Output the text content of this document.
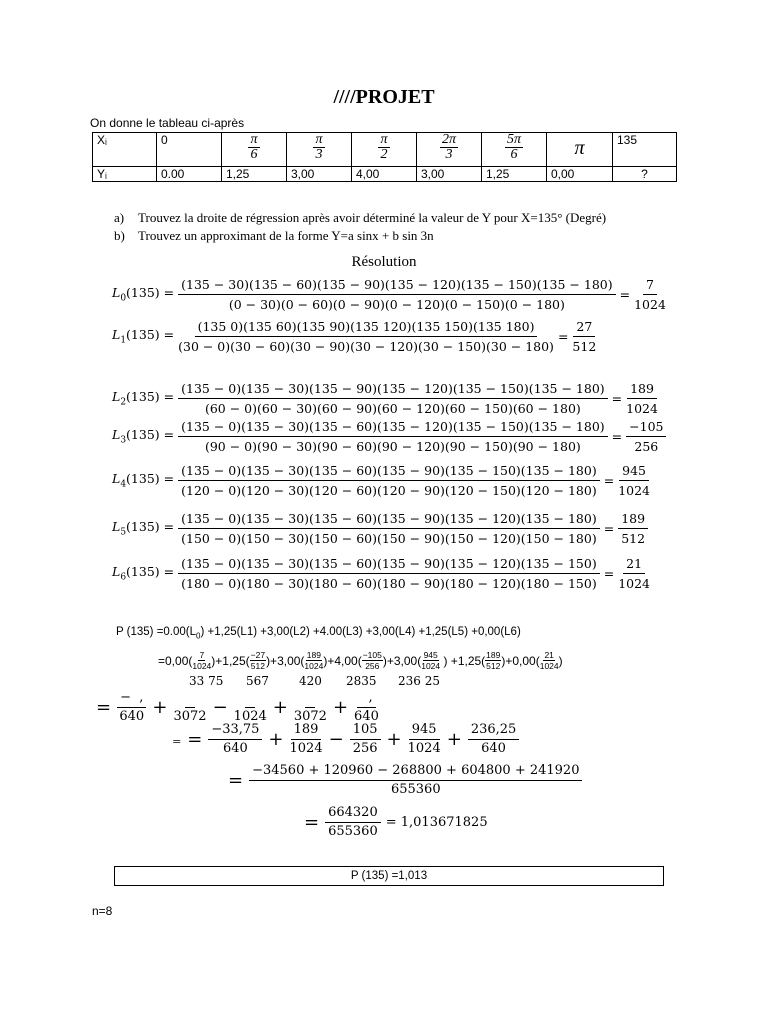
////PROJET
On donne le tableau ci-après
Xᵢ	0	$\frac{\pi}{6}$	$\frac{\pi}{3}$	$\frac{\pi}{2}$	$\frac{2\pi}{3}$	$\frac{5\pi}{6}$	π	135
Yᵢ	0.00	1,25	3,00	4,00	3,00	1,25	0,00	?
a) Trouvez la droite de régression après avoir déterminé la valeur de Y pour X=135° (Degré)
b) Trouvez un approximant de la forme Y=a sinx + b sin 3n
Résolution
$L_0(135)$ =
(135 − 30)(135 − 60)(135 − 90)(135 − 120)(135 − 150)(135 − 180)
(0 − 30)(0 − 60)(0 − 90)(0 − 120)(0 − 150)(0 − 180)
= $\frac{7}{1024}$
$L_1(135)$ =
(135 0)(135 60)(135 90)(135 120)(135 150)(135 180)
(30 − 0)(30 − 60)(30 − 90)(30 − 120)(30 − 150)(30 − 180)
= $\frac{27}{512}$
$L_2(135)$ =
(135 − 0)(135 − 30)(135 − 90)(135 − 120)(135 − 150)(135 − 180)
(60 − 0)(60 − 30)(60 − 90)(60 − 120)(60 − 150)(60 − 180)
= $\frac{189}{1024}$
$L_3(135)$ =
(135 − 0)(135 − 30)(135 − 60)(135 − 120)(135 − 150)(135 − 180)
(90 − 0)(90 − 30)(90 − 60)(90 − 120)(90 − 150)(90 − 180)
= $\frac{-105}{256}$
$L_4(135)$ =
(135 − 0)(135 − 30)(135 − 60)(135 − 90)(135 − 150)(135 − 180)
(120 − 0)(120 − 30)(120 − 60)(120 − 90)(120 − 150)(120 − 180)
= $\frac{945}{1024}$
$L_5(135)$ =
(135 − 0)(135 − 30)(135 − 60)(135 − 90)(135 − 120)(135 − 180)
(150 − 0)(150 − 30)(150 − 60)(150 − 90)(150 − 120)(150 − 180)
= $\frac{189}{512}$
$L_6(135)$ =
(135 − 0)(135 − 30)(135 − 60)(135 − 90)(135 − 120)(135 − 150)
(180 − 0)(180 − 30)(180 − 60)(180 − 90)(180 − 120)(180 − 150)
= $\frac{21}{1024}$
P $(135) =0.00(L_0) +1,25(L1) +3,00(L2) +4.00(L3) +3,00(L4) +1,25(L5) +0,00(L6)$
=0,00( 7
1024 )+1,25( −27
512 )+3,00( 189
1024 )+4,00( −105
256 )+3,00( 945
1024 ) +1,25( 189
512 )+0,00( 21
1024 )
33 75 567	420 2835 236 25
= −  ,
640 +
3072 −
1024 +
3072 + ,
640
₌ = $\frac{-33,75}{640} + \frac{189}{1024} - \frac{105}{256} + \frac{945}{1024} + \frac{236,25}{640}$
= $\frac{-34560 + 120960 - 268800 + 604800 + 241920}{655360}$
= $\frac{664320}{655360} = 1,013671825$
P (135) =1,013
n=8
